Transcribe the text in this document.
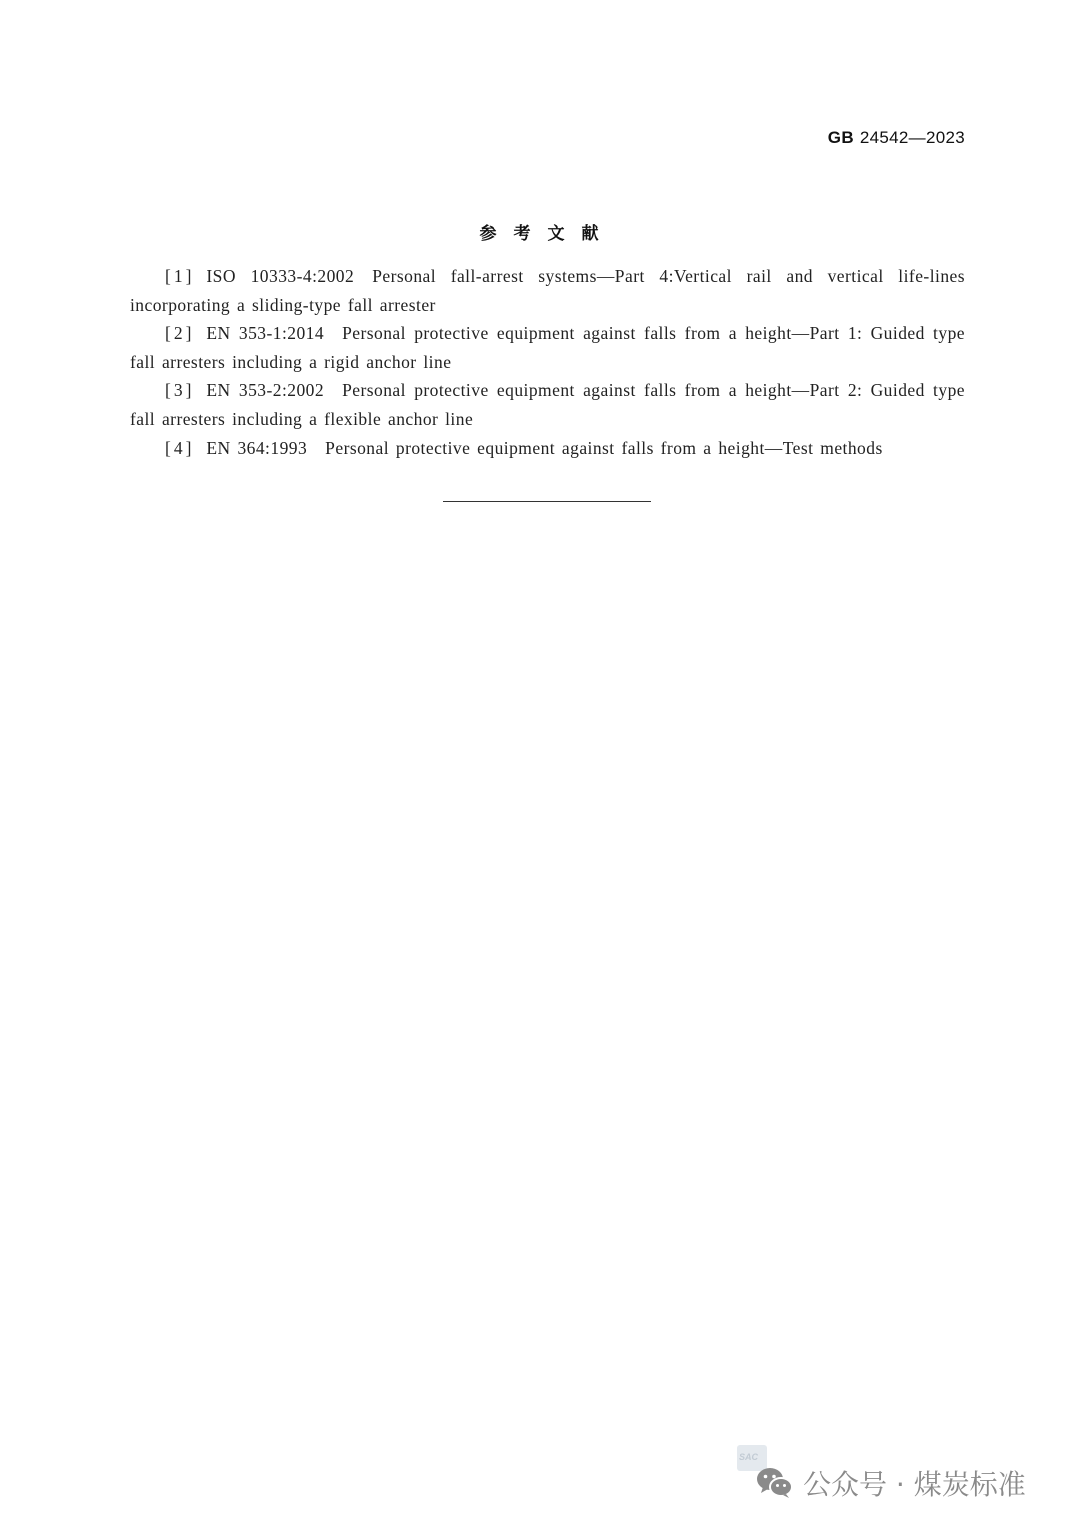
GB 24542—2023
参考文献

[1] ISO 10333-4:2002 Personal fall-arrest systems—Part 4:Vertical rail and vertical life-lines incorporating a sliding-type fall arrester

[2] EN 353-1:2014 Personal protective equipment against falls from a height—Part 1: Guided type fall arresters including a rigid anchor line

[3] EN 353-2:2002 Personal protective equipment against falls from a height—Part 2: Guided type fall arresters including a flexible anchor line

[4] EN 364:1993 Personal protective equipment against falls from a height—Test methods

SAC
公众号 · 煤炭标准
